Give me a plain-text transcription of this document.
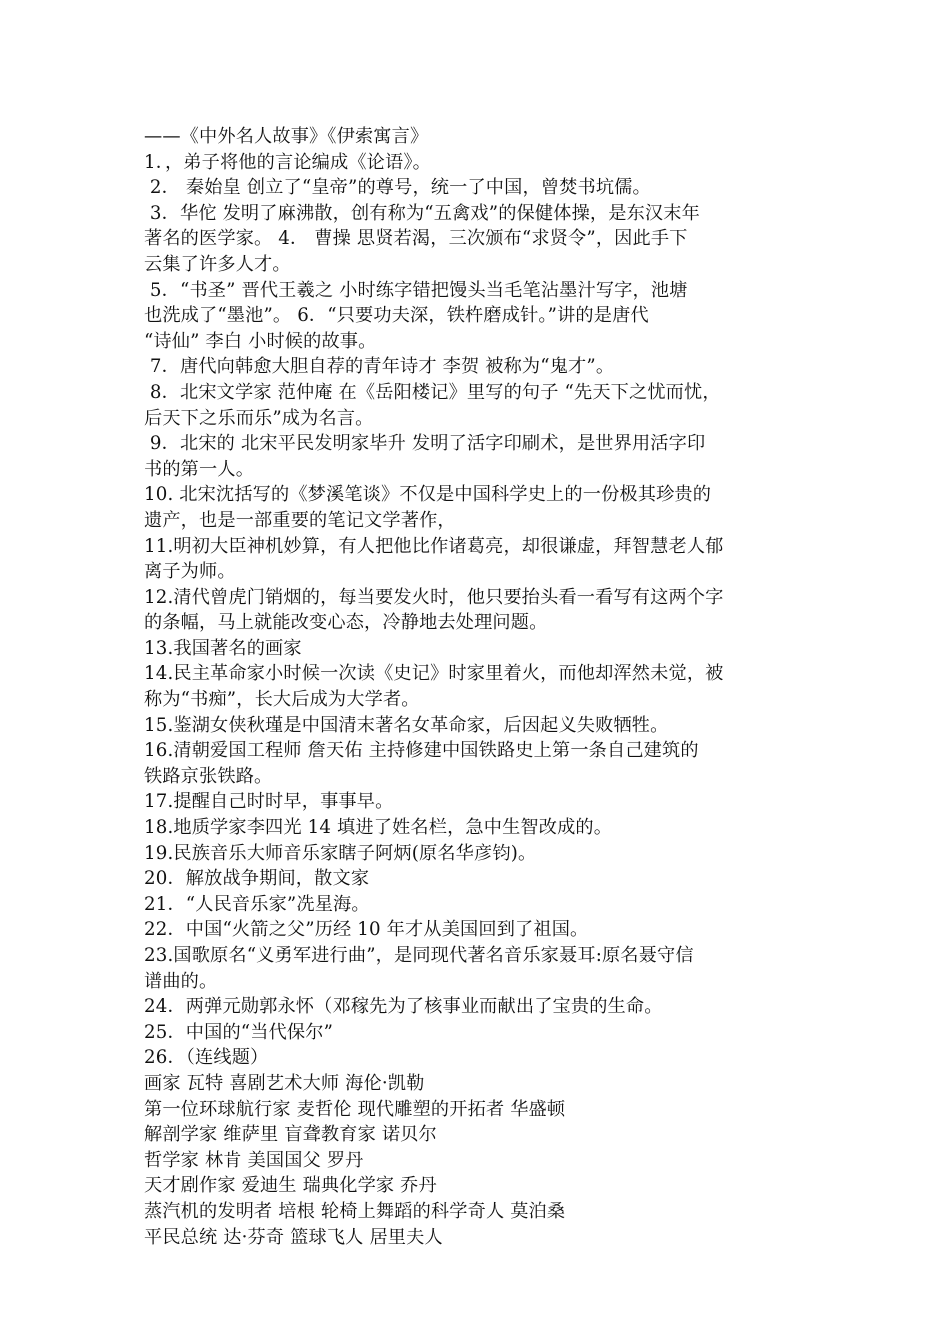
——《中外名人故事》《伊索寓言》
1．，弟子将他的言论编成《论语》。
2． 秦始皇 创立了“皇帝”的尊号，统一了中国，曾焚书坑儒。
3．华佗 发明了麻沸散，创有称为“五禽戏”的保健体操，是东汉末年
著名的医学家。 4． 曹操 思贤若渴，三次颁布“求贤令”，因此手下
云集了许多人才。
5．“书圣” 晋代王羲之 小时练字错把馒头当毛笔沾墨汁写字，池塘
也洗成了“墨池”。 6．“只要功夫深，铁杵磨成针。”讲的是唐代
“诗仙” 李白 小时候的故事。
7．唐代向韩愈大胆自荐的青年诗才 李贺 被称为“鬼才”。
8．北宋文学家 范仲庵 在《岳阳楼记》里写的句子 “先天下之忧而忧，
后天下之乐而乐”成为名言。
9．北宋的 北宋平民发明家毕升 发明了活字印刷术，是世界用活字印
书的第一人。
10. 北宋沈括写的《梦溪笔谈》不仅是中国科学史上的一份极其珍贵的
遗产，也是一部重要的笔记文学著作，
11.明初大臣神机妙算，有人把他比作诸葛亮，却很谦虚，拜智慧老人郁
离子为师。
12.清代曾虎门销烟的，每当要发火时，他只要抬头看一看写有这两个字
的条幅，马上就能改变心态，冷静地去处理问题。
13.我国著名的画家
14.民主革命家小时候一次读《史记》时家里着火，而他却浑然未觉，被
称为“书痴”，长大后成为大学者。
15.鉴湖女侠秋瑾是中国清末著名女革命家，后因起义失败牺牲。
16.清朝爱国工程师 詹天佑 主持修建中国铁路史上第一条自己建筑的
铁路京张铁路。
17.提醒自己时时早，事事早。
18.地质学家李四光 14 填进了姓名栏，急中生智改成的。
19.民族音乐大师音乐家瞎子阿炳(原名华彦钧)。
20．解放战争期间，散文家
21．“人民音乐家”冼星海。
22．中国“火箭之父”历经 10 年才从美国回到了祖国。
23.国歌原名“义勇军进行曲”，是同现代著名音乐家聂耳:原名聂守信
谱曲的。
24．两弹元勋郭永怀（邓稼先为了核事业而献出了宝贵的生命。
25．中国的“当代保尔”
26．（连线题）
画家 瓦特 喜剧艺术大师 海伦·凯勒
第一位环球航行家 麦哲伦 现代雕塑的开拓者 华盛顿
解剖学家 维萨里 盲聋教育家 诺贝尔
哲学家 林肯 美国国父 罗丹
天才剧作家 爱迪生 瑞典化学家 乔丹
蒸汽机的发明者 培根 轮椅上舞蹈的科学奇人 莫泊桑
平民总统 达·芬奇 篮球飞人 居里夫人
